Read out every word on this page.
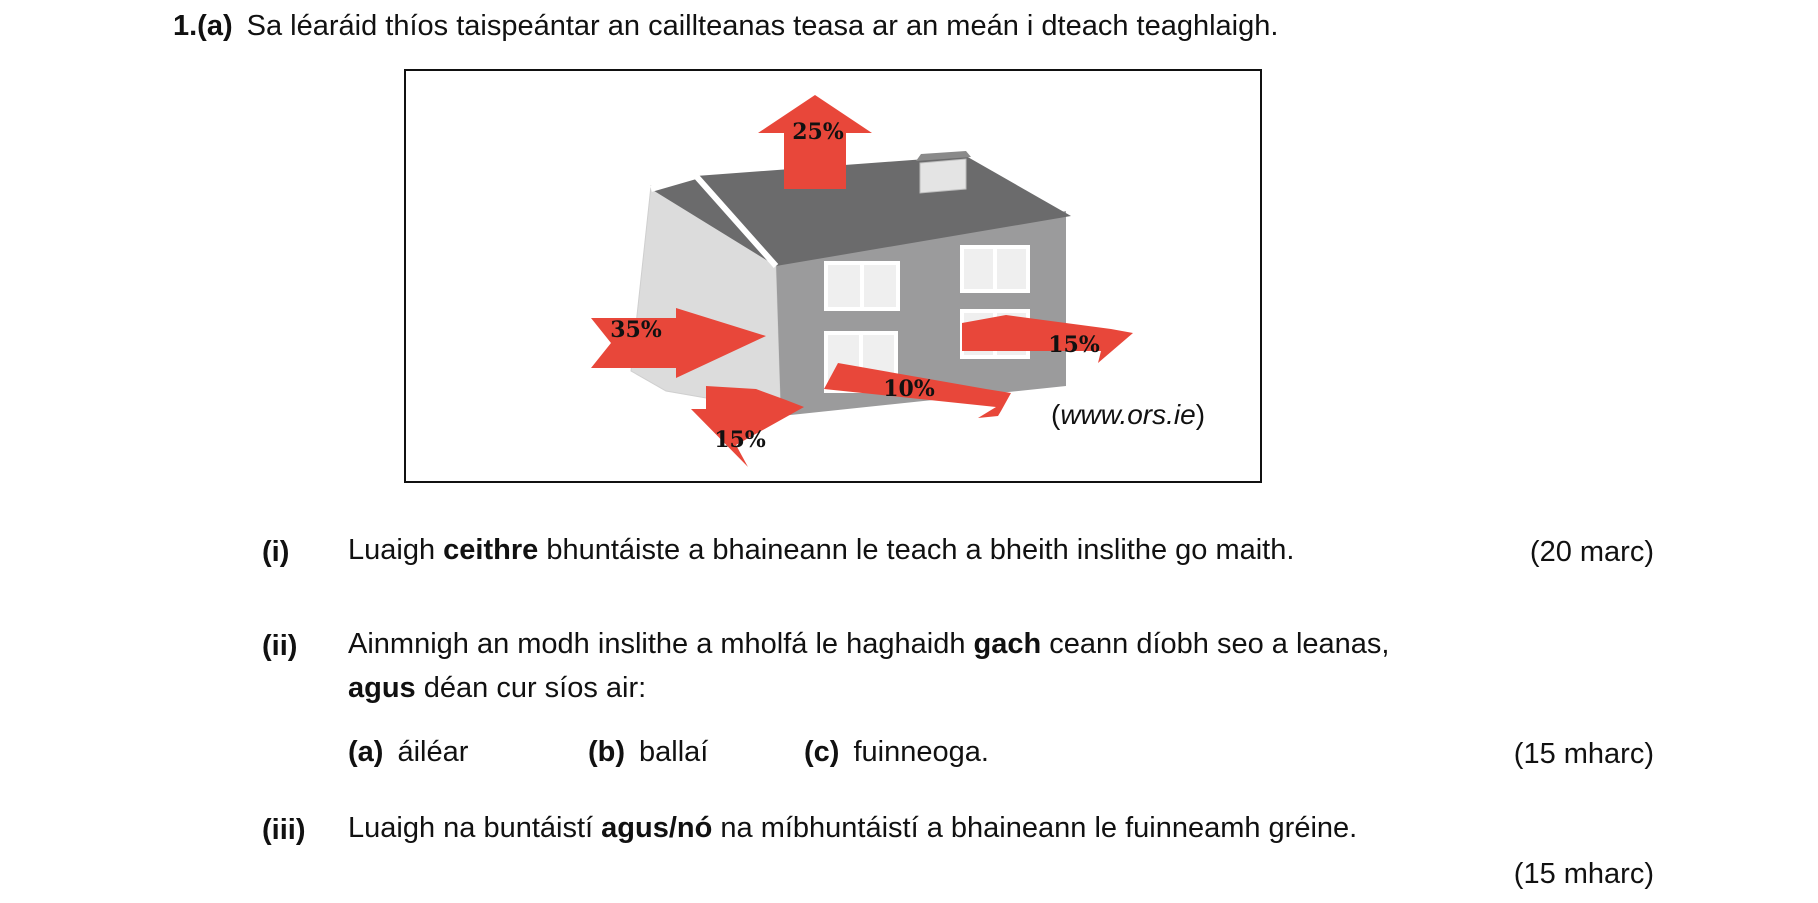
1.(a) Sa léaráid thíos taispeántar an caillteanas teasa ar an meán i dteach teaghlaigh.
25%
35%
15%
10%
15%
(www.ors.ie)
(i) Luaigh ceithre bhuntáiste a bhaineann le teach a bheith inslithe go maith.	(20 marc)
(ii) Ainmnigh an modh inslithe a mholfá le haghaidh gach ceann díobh seo a leanas,
agus déan cur síos air:
(a) áiléar	(b) ballaí	(c) fuinneoga.	(15 mharc)
(iii) Luaigh na buntáistí agus/nó na míbhuntáistí a bhaineann le fuinneamh gréine.
(15 mharc)
